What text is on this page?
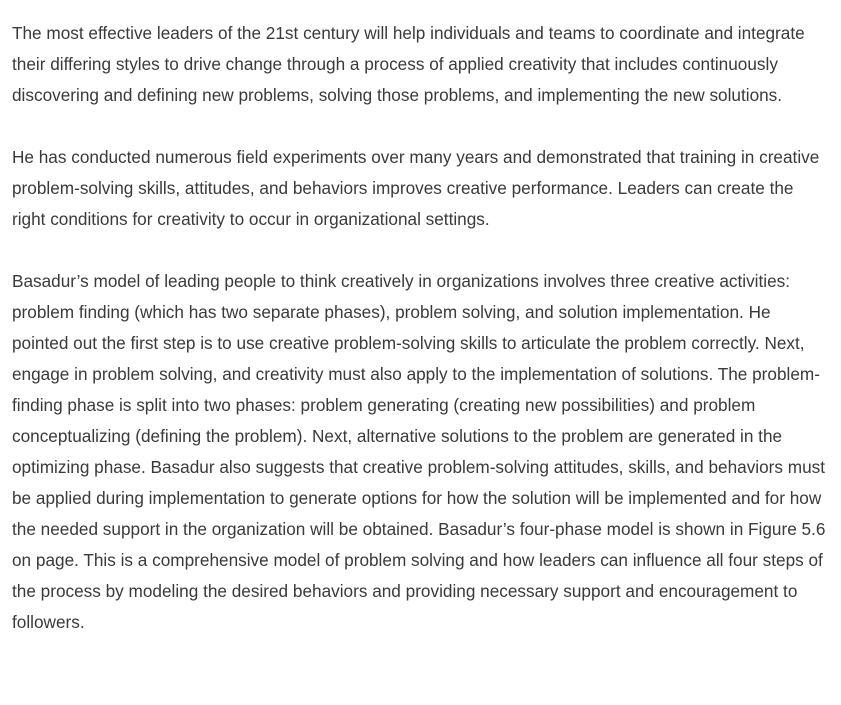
The most effective leaders of the 21st century will help individuals and teams to coordinate and integrate their differing styles to drive change through a process of applied creativity that includes continuously discovering and defining new problems, solving those problems, and implementing the new solutions.

He has conducted numerous field experiments over many years and demonstrated that training in creative problem-solving skills, attitudes, and behaviors improves creative performance. Leaders can create the right conditions for creativity to occur in organizational settings.

Basadur’s model of leading people to think creatively in organizations involves three creative activities: problem finding (which has two separate phases), problem solving, and solution implementation. He pointed out the first step is to use creative problem-solving skills to articulate the problem correctly. Next, engage in problem solving, and creativity must also apply to the implementation of solutions. The problem-finding phase is split into two phases: problem generating (creating new possibilities) and problem conceptualizing (defining the problem). Next, alternative solutions to the problem are generated in the optimizing phase. Basadur also suggests that creative problem-solving attitudes, skills, and behaviors must be applied during implementation to generate options for how the solution will be implemented and for how the needed support in the organization will be obtained. Basadur’s four-phase model is shown in Figure 5.6 on page. This is a comprehensive model of problem solving and how leaders can influence all four steps of the process by modeling the desired behaviors and providing necessary support and encouragement to followers.
